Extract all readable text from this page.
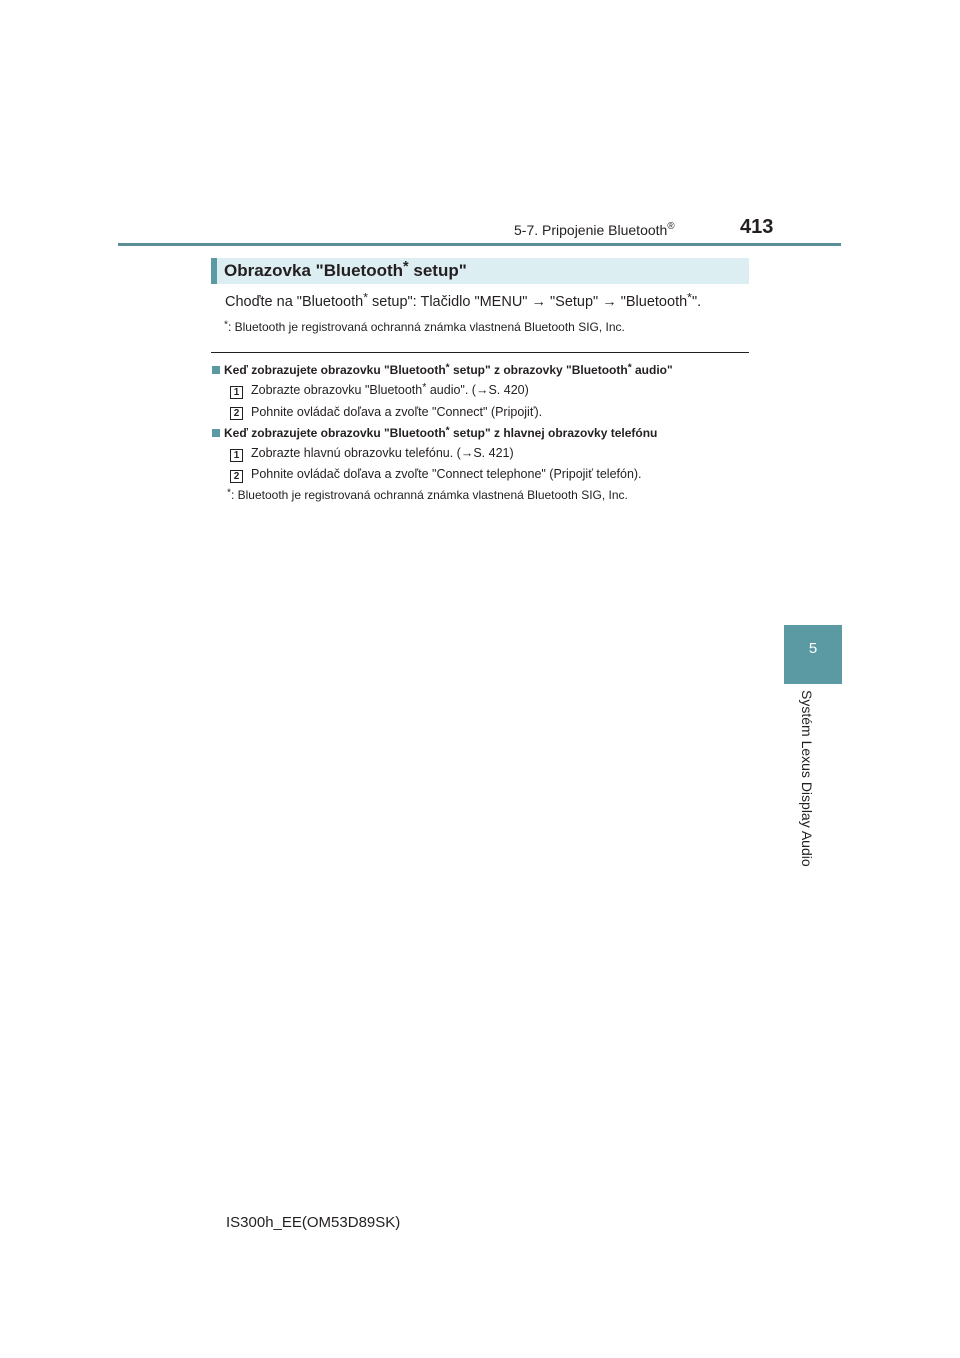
5-7. Pripojenie Bluetooth®	413
5
Systém Lexus Display Audio
Obrazovka "Bluetooth* setup"
Choďte na "Bluetooth* setup": Tlačidlo "MENU" → "Setup" → "Bluetooth*".
*: Bluetooth je registrovaná ochranná známka vlastnená Bluetooth SIG, Inc.
Keď zobrazujete obrazovku "Bluetooth* setup" z obrazovky "Bluetooth* audio"
1 Zobrazte obrazovku "Bluetooth* audio". (→S. 420)
2 Pohnite ovládač doľava a zvoľte "Connect" (Pripojiť).
Keď zobrazujete obrazovku "Bluetooth* setup" z hlavnej obrazovky telefónu
1 Zobrazte hlavnú obrazovku telefónu. (→S. 421)
2 Pohnite ovládač doľava a zvoľte "Connect telephone" (Pripojiť telefón).
*: Bluetooth je registrovaná ochranná známka vlastnená Bluetooth SIG, Inc.
IS300h_EE(OM53D89SK)
